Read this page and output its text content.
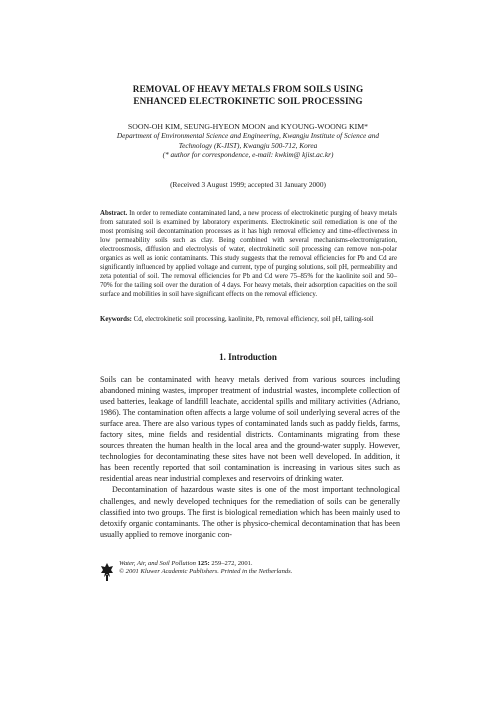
REMOVAL OF HEAVY METALS FROM SOILS USING
ENHANCED ELECTROKINETIC SOIL PROCESSING
SOON-OH KIM, SEUNG-HYEON MOON and KYOUNG-WOONG KIM*
Department of Environmental Science and Engineering, Kwangju Institute of Science and
Technology (K-JIST), Kwangju 500-712, Korea
(* author for correspondence, e-mail: kwkim@ kjist.ac.kr)
(Received 3 August 1999; accepted 31 January 2000)
Abstract. In order to remediate contaminated land, a new process of electrokinetic purging of heavy metals from saturated soil is examined by laboratory experiments. Electrokinetic soil remediation is one of the most promising soil decontamination processes as it has high removal efficiency and time-effectiveness in low permeability soils such as clay. Being combined with several mechanisms-electromigration, electroosmosis, diffusion and electrolysis of water, electrokinetic soil processing can remove non-polar organics as well as ionic contaminants. This study suggests that the removal efficiencies for Pb and Cd are significantly influenced by applied voltage and current, type of purging solutions, soil pH, permeability and zeta potential of soil. The removal efficiencies for Pb and Cd were 75–85% for the kaolinite soil and 50–70% for the tailing soil over the duration of 4 days. For heavy metals, their adsorption capacities on the soil surface and mobilities in soil have significant effects on the removal efficiency.
Keywords: Cd, electrokinetic soil processing, kaolinite, Pb, removal efficiency, soil pH, tailing-soil
1. Introduction

Soils can be contaminated with heavy metals derived from various sources including abandoned mining wastes, improper treatment of industrial wastes, incomplete collection of used batteries, leakage of landfill leachate, accidental spills and military activities (Adriano, 1986). The contamination often affects a large volume of soil underlying several acres of the surface area. There are also various types of contaminated lands such as paddy fields, farms, factory sites, mine fields and residential districts. Contaminants migrating from these sources threaten the human health in the local area and the ground-water supply. However, technologies for decontaminating these sites have not been well developed. In addition, it has been recently reported that soil contamination is increasing in various sites such as residential areas near industrial complexes and reservoirs of drinking water.

Decontamination of hazardous waste sites is one of the most important technological challenges, and newly developed techniques for the remediation of soils can be generally classified into two groups. The first is biological remediation which has been mainly used to detoxify organic contaminants. The other is physico-chemical decontamination that has been usually applied to remove inorganic con-

Water, Air, and Soil Pollution 125: 259–272, 2001.
© 2001 Kluwer Academic Publishers. Printed in the Netherlands.
